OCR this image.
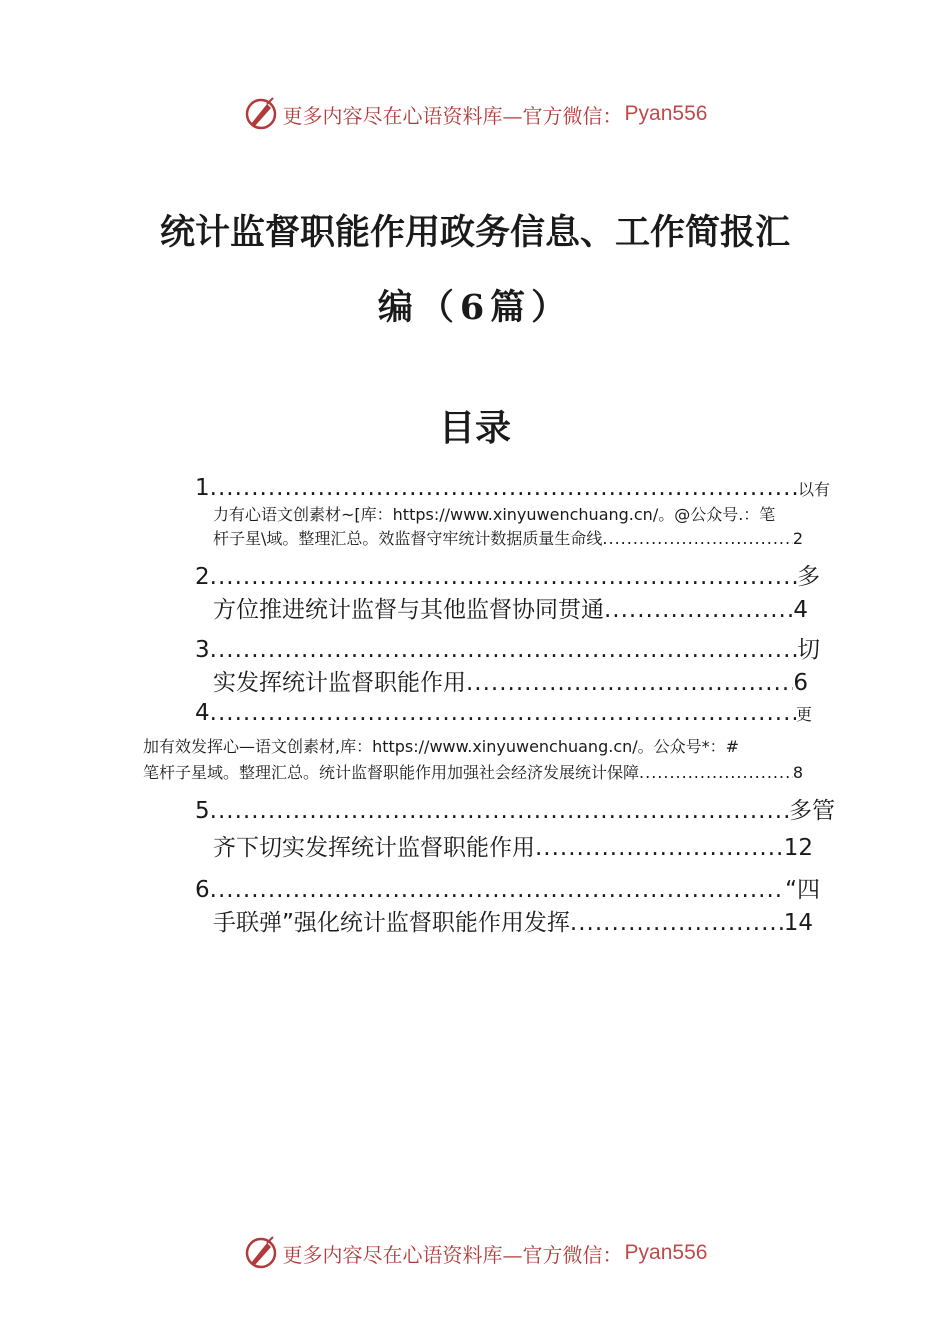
更多内容尽在心语资料库—官方微信： Pyan556
统计监督职能作用政务信息、工作简报汇
编（6篇）
目录
1 .....	以有
力有心语文创素材~[库：https://www.xinyuwenchuang.cn/。@公众号.：笔
杆子星\域。整理汇总。效监督守牢统计数据质量生命线 .....	2
2 .....	多
方位推进统计监督与其他监督协同贯通 .....	4
3 .....	切
实发挥统计监督职能作用 .....	6
4 .....	更
加有效发挥心—语文创素材,库：https://www.xinyuwenchuang.cn/。公众号*：#
笔杆子星域。整理汇总。统计监督职能作用加强社会经济发展统计保障 .....	8
5 .....	多管
齐下切实发挥统计监督职能作用 .....	12
6 .....	“四
手联弹”强化统计监督职能作用发挥 .....	14
更多内容尽在心语资料库—官方微信： Pyan556
